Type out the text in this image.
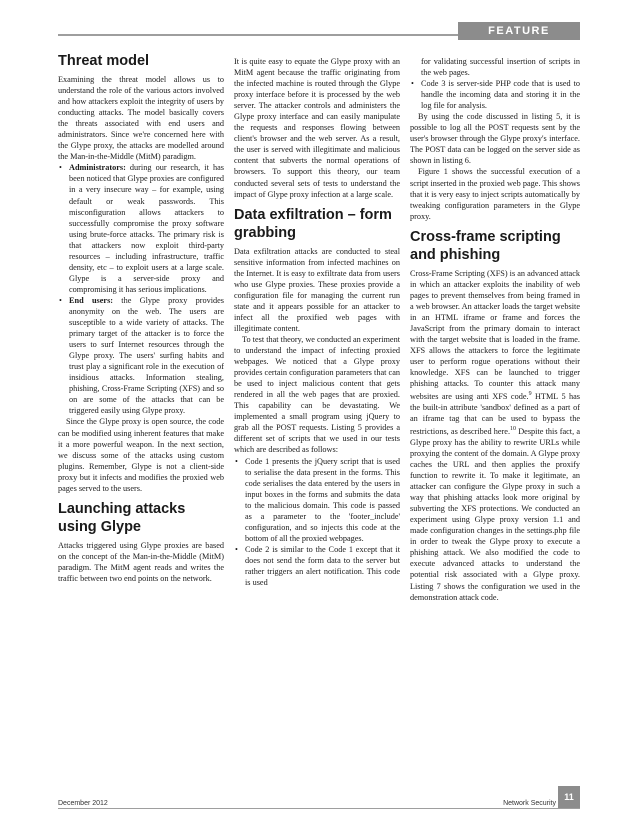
FEATURE
Threat model

Examining the threat model allows us to understand the role of the various actors involved and how attackers exploit the integrity of users by conducting attacks. The model basically covers the threats associated with end users and administrators. Since we're concerned here with the Glype proxy, the attacks are modelled around the Man-in-the-Middle (MitM) paradigm.

• Administrators: during our research, it has been noticed that Glype proxies are configured in a very insecure way – for example, using default or weak passwords. This misconfiguration allows attackers to successfully compromise the proxy software using brute-force attacks. The primary risk is that attackers now exploit third-party resources – including infrastructure, traffic density, etc – to exploit users at a large scale. Glype is a server-side proxy and compromising it has serious implications.
• End users: the Glype proxy provides anonymity on the web. The users are susceptible to a wide variety of attacks. The primary target of the attacker is to force the users to surf Internet resources through the Glype proxy. The users' surfing habits and trust play a significant role in the execution of insidious attacks. Information stealing, phishing, Cross-Frame Scripting (XFS) and so on are some of the attacks that can be triggered easily using Glype proxy.

Since the Glype proxy is open source, the code can be modified using inherent features that make it a more powerful weapon. In the next section, we discuss some of the attacks using custom plugins. Remember, Glype is not a client-side proxy but it infects and modifies the proxied web pages served to the users.

Launching attacks using Glype

Attacks triggered using Glype proxies are based on the concept of the Man-in-the-Middle (MitM) paradigm. The MitM agent reads and writes the traffic between two end points on the network.

It is quite easy to equate the Glype proxy with an MitM agent because the traffic originating from the infected machine is routed through the Glype proxy interface before it is processed by the web server. The attacker controls and administers the Glype proxy interface and can easily manipulate the requests and responses flowing between client's browser and the web server. As a result, the user is served with illegitimate and malicious content that subverts the normal operations of browsers. To support this theory, our team conducted several sets of tests to understand the impact of Glype proxy infection at a large scale.

Data exfiltration – form grabbing

Data exfiltration attacks are conducted to steal sensitive information from infected machines on the Internet. It is easy to exfiltrate data from users who use Glype proxies. These proxies provide a configuration file for managing the current run state and it appears possible for an attacker to infect all the proxified web pages with illegitimate content.

To test that theory, we conducted an experiment to understand the impact of infecting proxied webpages. We noticed that a Glype proxy provides certain configuration parameters that can be used to inject malicious content that gets rendered in all the web pages that are proxied. This capability can be devastating. We implemented a small program using jQuery to grab all the POST requests. Listing 5 provides a different set of scripts that we used in our tests which are described as follows:

• Code 1 presents the jQuery script that is used to serialise the data present in the forms. This code serialises the data entered by the users in input boxes in the forms and submits the data to the malicious domain. This code is passed as a parameter to the 'footer_include' configuration, and so injects this code at the bottom of all the proxied webpages.
• Code 2 is similar to the Code 1 except that it does not send the form data to the server but rather triggers an alert notification. This code is used
for validating successful insertion of scripts in the web pages.
• Code 3 is server-side PHP code that is used to handle the incoming data and storing it in the log file for analysis.

By using the code discussed in listing 5, it is possible to log all the POST requests sent by the user's browser through the Glype proxy's interface. The POST data can be logged on the server side as shown in listing 6.

Figure 1 shows the successful execution of a script inserted in the proxied web page. This shows that it is very easy to inject scripts automatically by tweaking configuration parameters in the Glype proxy.

Cross-frame scripting and phishing

Cross-Frame Scripting (XFS) is an advanced attack in which an attacker exploits the inability of web pages to prevent themselves from being framed in a web browser. An attacker loads the target website in an HTML iframe or frame and forces the JavaScript from the primary domain to interact with the target website that is loaded in the frame. XFS allows the attackers to force the legitimate user to perform rogue operations without their knowledge. XFS can be launched to trigger phishing attacks. To counter this attack many websites are using anti XFS code.$^9$ HTML 5 has the built-in attribute 'sandbox' defined as a part of an iframe tag that can be used to bypass the restrictions, as described here.$^{10}$ Despite this fact, a Glype proxy has the ability to rewrite URLs while proxying the content of the domain. A Glype proxy caches the URL and then applies the proxify function to rewrite it. To make it legitimate, an attacker can configure the Glype proxy in such a way that phishing attacks look more original by subverting the XFS protections. We conducted an experiment using Glype proxy version 1.1 and made configuration changes in the settings.php file in order to tweak the Glype proxy to execute a phishing attack. We also modified the code to execute advanced attacks to understand the potential risk associated with a Glype proxy. Listing 7 shows the configuration we used in the demonstration attack code.

11
December 2012	Network Security
